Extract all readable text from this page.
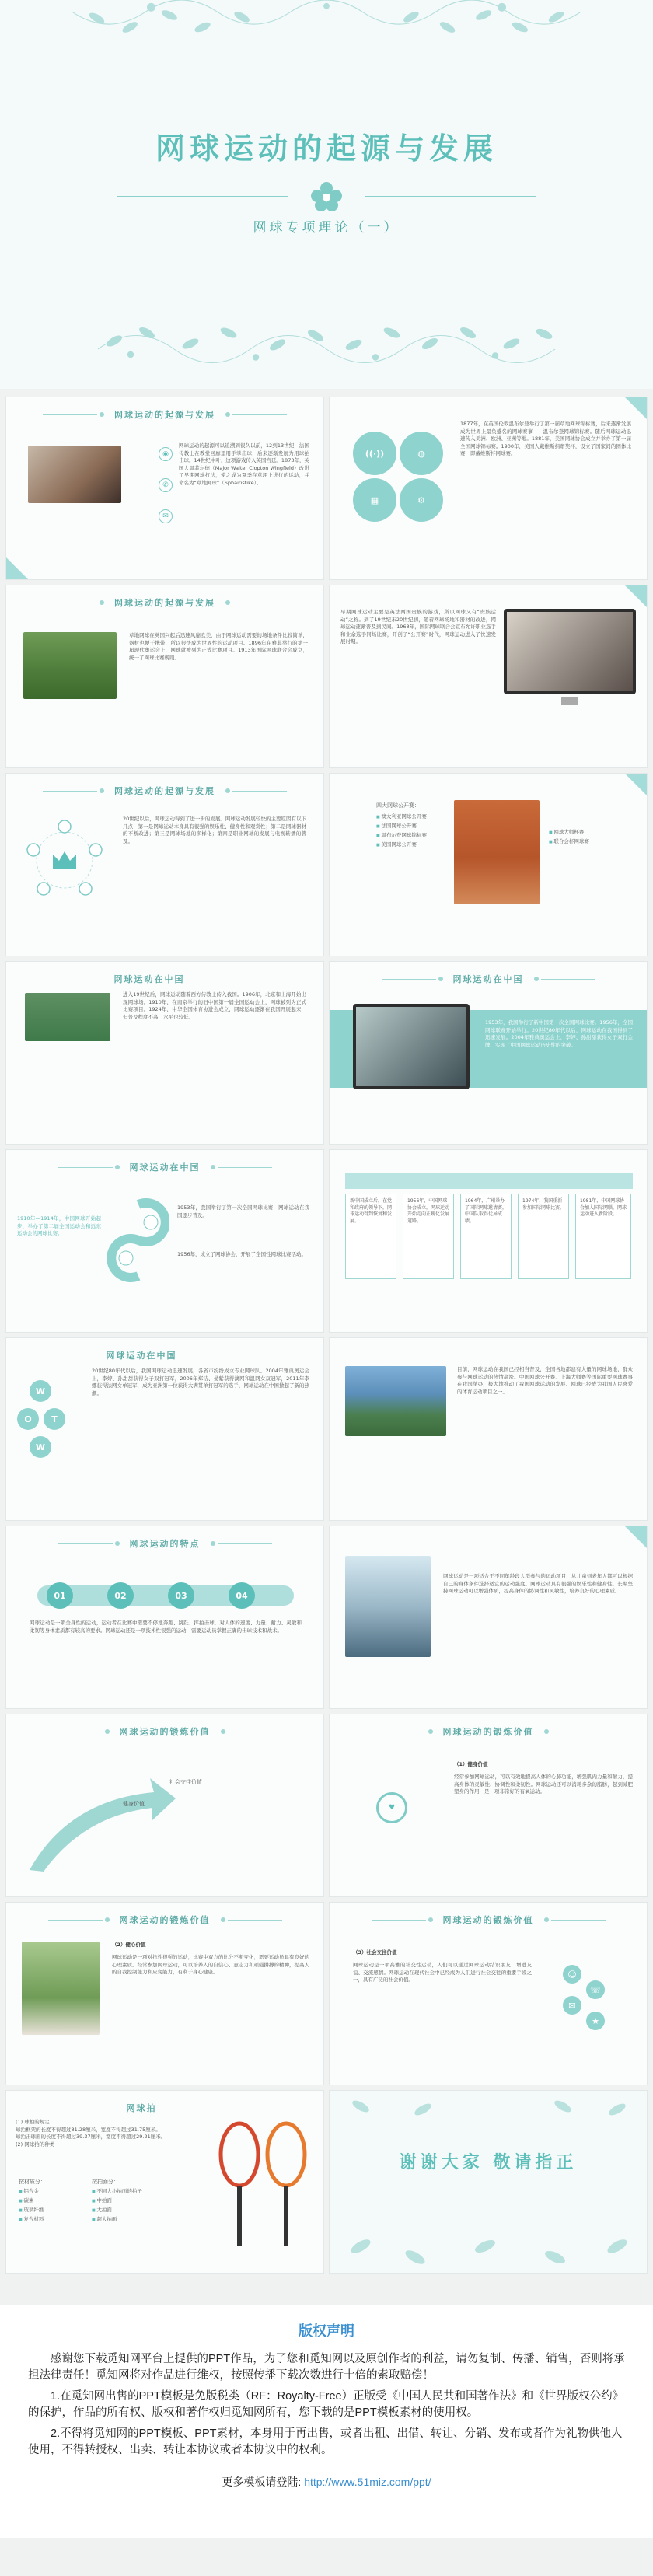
网球运动的起源与发展
网球专项理论（一）
网球运动的起源与发展
◉
✆
✉
网球运动的起源可以追溯到很久以前，12到13世纪，法国传教士在教堂回廊里用手掌击球，后来逐渐发展为用球拍击球。14世纪中叶，这项游戏传入英国宫廷。1873年，英国人温菲尔德（Major Walter Clopton Wingfield）改进了早期网球打法，使之成为夏季在草坪上进行的运动，并命名为“草地网球”（Sphairistike）。
((·))	◍
▦	⚙
1877年，在英国伦敦温布尔登举行了第一届草地网球锦标赛，后来逐渐发展成为世界上最负盛名的网球赛事——温布尔登网球锦标赛。随后网球运动迅速传入美洲、欧洲、亚洲等地。1881年，美国网球协会成立并举办了第一届全国网球锦标赛。1900年，美国人戴维斯捐赠奖杯，设立了国家间的团体比赛，即戴维斯杯网球赛。
网球运动的起源与发展
草地网球在英国兴起后迅速风靡欧美，由于网球运动需要的场地条件比较简单，器材也便于携带，所以很快成为世界性的运动项目。1896年在雅典举行的第一届现代奥运会上，网球就被列为正式比赛项目。1913年国际网球联合会成立，统一了网球比赛规则。
早期网球运动主要是英法两国贵族的游戏，所以网球又有“贵族运动”之称。到了19世纪末20世纪初，随着网球场地和器材的改进，网球运动逐渐普及到民间。1968年，国际网球联合会宣布允许职业选手和业余选手同场比赛，开创了“公开赛”时代，网球运动进入了快速发展时期。
网球运动的起源与发展
20世纪以后，网球运动得到了进一步的发展。网球运动发展较快的主要原因有以下几点：第一是网球运动本身具有很强的娱乐性、健身性和观赏性；第二是网球器材的不断改进；第三是网球场地的多样化；第四是职业网球的发展与电视转播的普及。
四大网球公开赛：
■ 澳大利亚网球公开赛
■ 法国网球公开赛
■ 温布尔登网球锦标赛
■ 美国网球公开赛
■ 网球大师杯赛
■ 联合会杯网球赛
网球运动在中国
进入19世纪后，网球运动随着西方传教士传入我国。1906年，北京和上海开始出现网球场。1910年，在南京举行的旧中国第一届全国运动会上，网球被列为正式比赛项目。1924年，中华全国体育协进会成立，网球运动逐渐在我国开展起来，但普及程度不高，水平也较低。
网球运动在中国
1953年，我国举行了新中国第一次全国网球比赛。1956年，全国网球联赛开始举行。20世纪80年代以后，网球运动在我国得到了迅速发展。2004年雅典奥运会上，李婷、孙甜甜获得女子双打金牌，实现了中国网球运动历史性的突破。
网球运动在中国
1910年—1914年，中国网球开始起步，举办了第二届全国运动会和远东运动会的网球比赛。
1953年，我国举行了第一次全国网球比赛，网球运动在我国逐步普及。
1956年，成立了网球协会，开展了全国性网球比赛活动。
新中国成立后，在党和政府的领导下，网球运动得到恢复和发展。
1956年，中国网球协会成立，网球运动开始走向正规化发展道路。
1964年，广州举办了国际网球邀请赛，中国队取得优异成绩。
1974年，我国重新参加国际网球比赛。
1981年，中国网球协会加入国际网联，网球运动进入新阶段。
网球运动在中国
W
O	T
W
20世纪80年代以后，我国网球运动迅速发展，各省市纷纷成立专业网球队。2004年雅典奥运会上，李婷、孙甜甜获得女子双打冠军，2006年郑洁、晏紫获得澳网和温网女双冠军，2011年李娜获得法网女单冠军，成为亚洲第一位获得大满贯单打冠军的选手，网球运动在中国掀起了新的热潮。
目前，网球运动在我国已经相当普及，全国各地都建有大量的网球场地，群众参与网球运动的热情高涨。中国网球公开赛、上海大师赛等国际重要网球赛事在我国举办，极大地推动了我国网球运动的发展。网球已经成为我国人民喜爱的体育运动项目之一。
网球运动的特点
01	02	03	04
网球运动是一项全身性的运动，运动者在比赛中需要不停地奔跑、跳跃、挥拍击球，对人体的速度、力量、耐力、灵敏和柔韧等身体素质都有较高的要求。网球运动还是一项技术性很强的运动，需要运动员掌握正确的击球技术和战术。
网球运动是一项适合于不同年龄段人群参与的运动项目，从儿童到老年人都可以根据自己的身体条件选择适宜的运动强度。网球运动具有很强的娱乐性和健身性，长期坚持网球运动可以增强体质，提高身体的协调性和灵敏性，培养良好的心理素质。
网球运动的锻炼价值
健身价值
社会交往价值
网球运动的锻炼价值
（1）健身价值
经常参加网球运动，可以有效地提高人体的心肺功能，增强肌肉力量和耐力，提高身体的灵敏性、协调性和柔韧性。网球运动还可以消耗多余的脂肪，起到减肥塑身的作用，是一项非常好的有氧运动。
♥
网球运动的锻炼价值
（2）健心价值
网球运动是一项对抗性很强的运动，比赛中双方的比分不断变化，需要运动员具有良好的心理素质。经常参加网球运动，可以培养人的自信心、意志力和顽强拼搏的精神，提高人的自我控制能力和应变能力，有利于身心健康。
网球运动的锻炼价值
（3）社会交往价值
网球运动是一项高雅的社交性运动，人们可以通过网球运动结识朋友、增进友谊、交流感情。网球运动在现代社会中已经成为人们进行社会交往的重要手段之一，具有广泛的社会价值。
☺
☏
✉
★
网球拍
(1) 球拍的规定
球拍框架的长度不得超过81.28厘米，宽度不得超过31.75厘米。
球拍击球面的长度不得超过39.37厘米，宽度不得超过29.21厘米。
(2) 网球拍的种类
按材质分：
■ 铝合金
■ 碳素
■ 玻璃纤维
■ 复合材料
按拍面分：
■ 不同大小拍面的拍子
■ 中拍面
■ 大拍面
■ 超大拍面
谢谢大家 敬请指正
版权声明

感谢您下载觅知网平台上提供的PPT作品，为了您和觅知网以及原创作者的利益，请勿复制、传播、销售，否则将承担法律责任！觅知网将对作品进行维权，按照传播下载次数进行十倍的索取赔偿！

1.在觅知网出售的PPT模板是免版税类（RF：Royalty-Free）正版受《中国人民共和国著作法》和《世界版权公约》的保护，作品的所有权、版权和著作权归觅知网所有，您下载的是PPT模板素材的使用权。

2.不得将觅知网的PPT模板、PPT素材，本身用于再出售，或者出租、出借、转让、分销、发布或者作为礼物供他人使用，不得转授权、出卖、转让本协议或者本协议中的权利。

更多模板请登陆: http://www.51miz.com/ppt/
